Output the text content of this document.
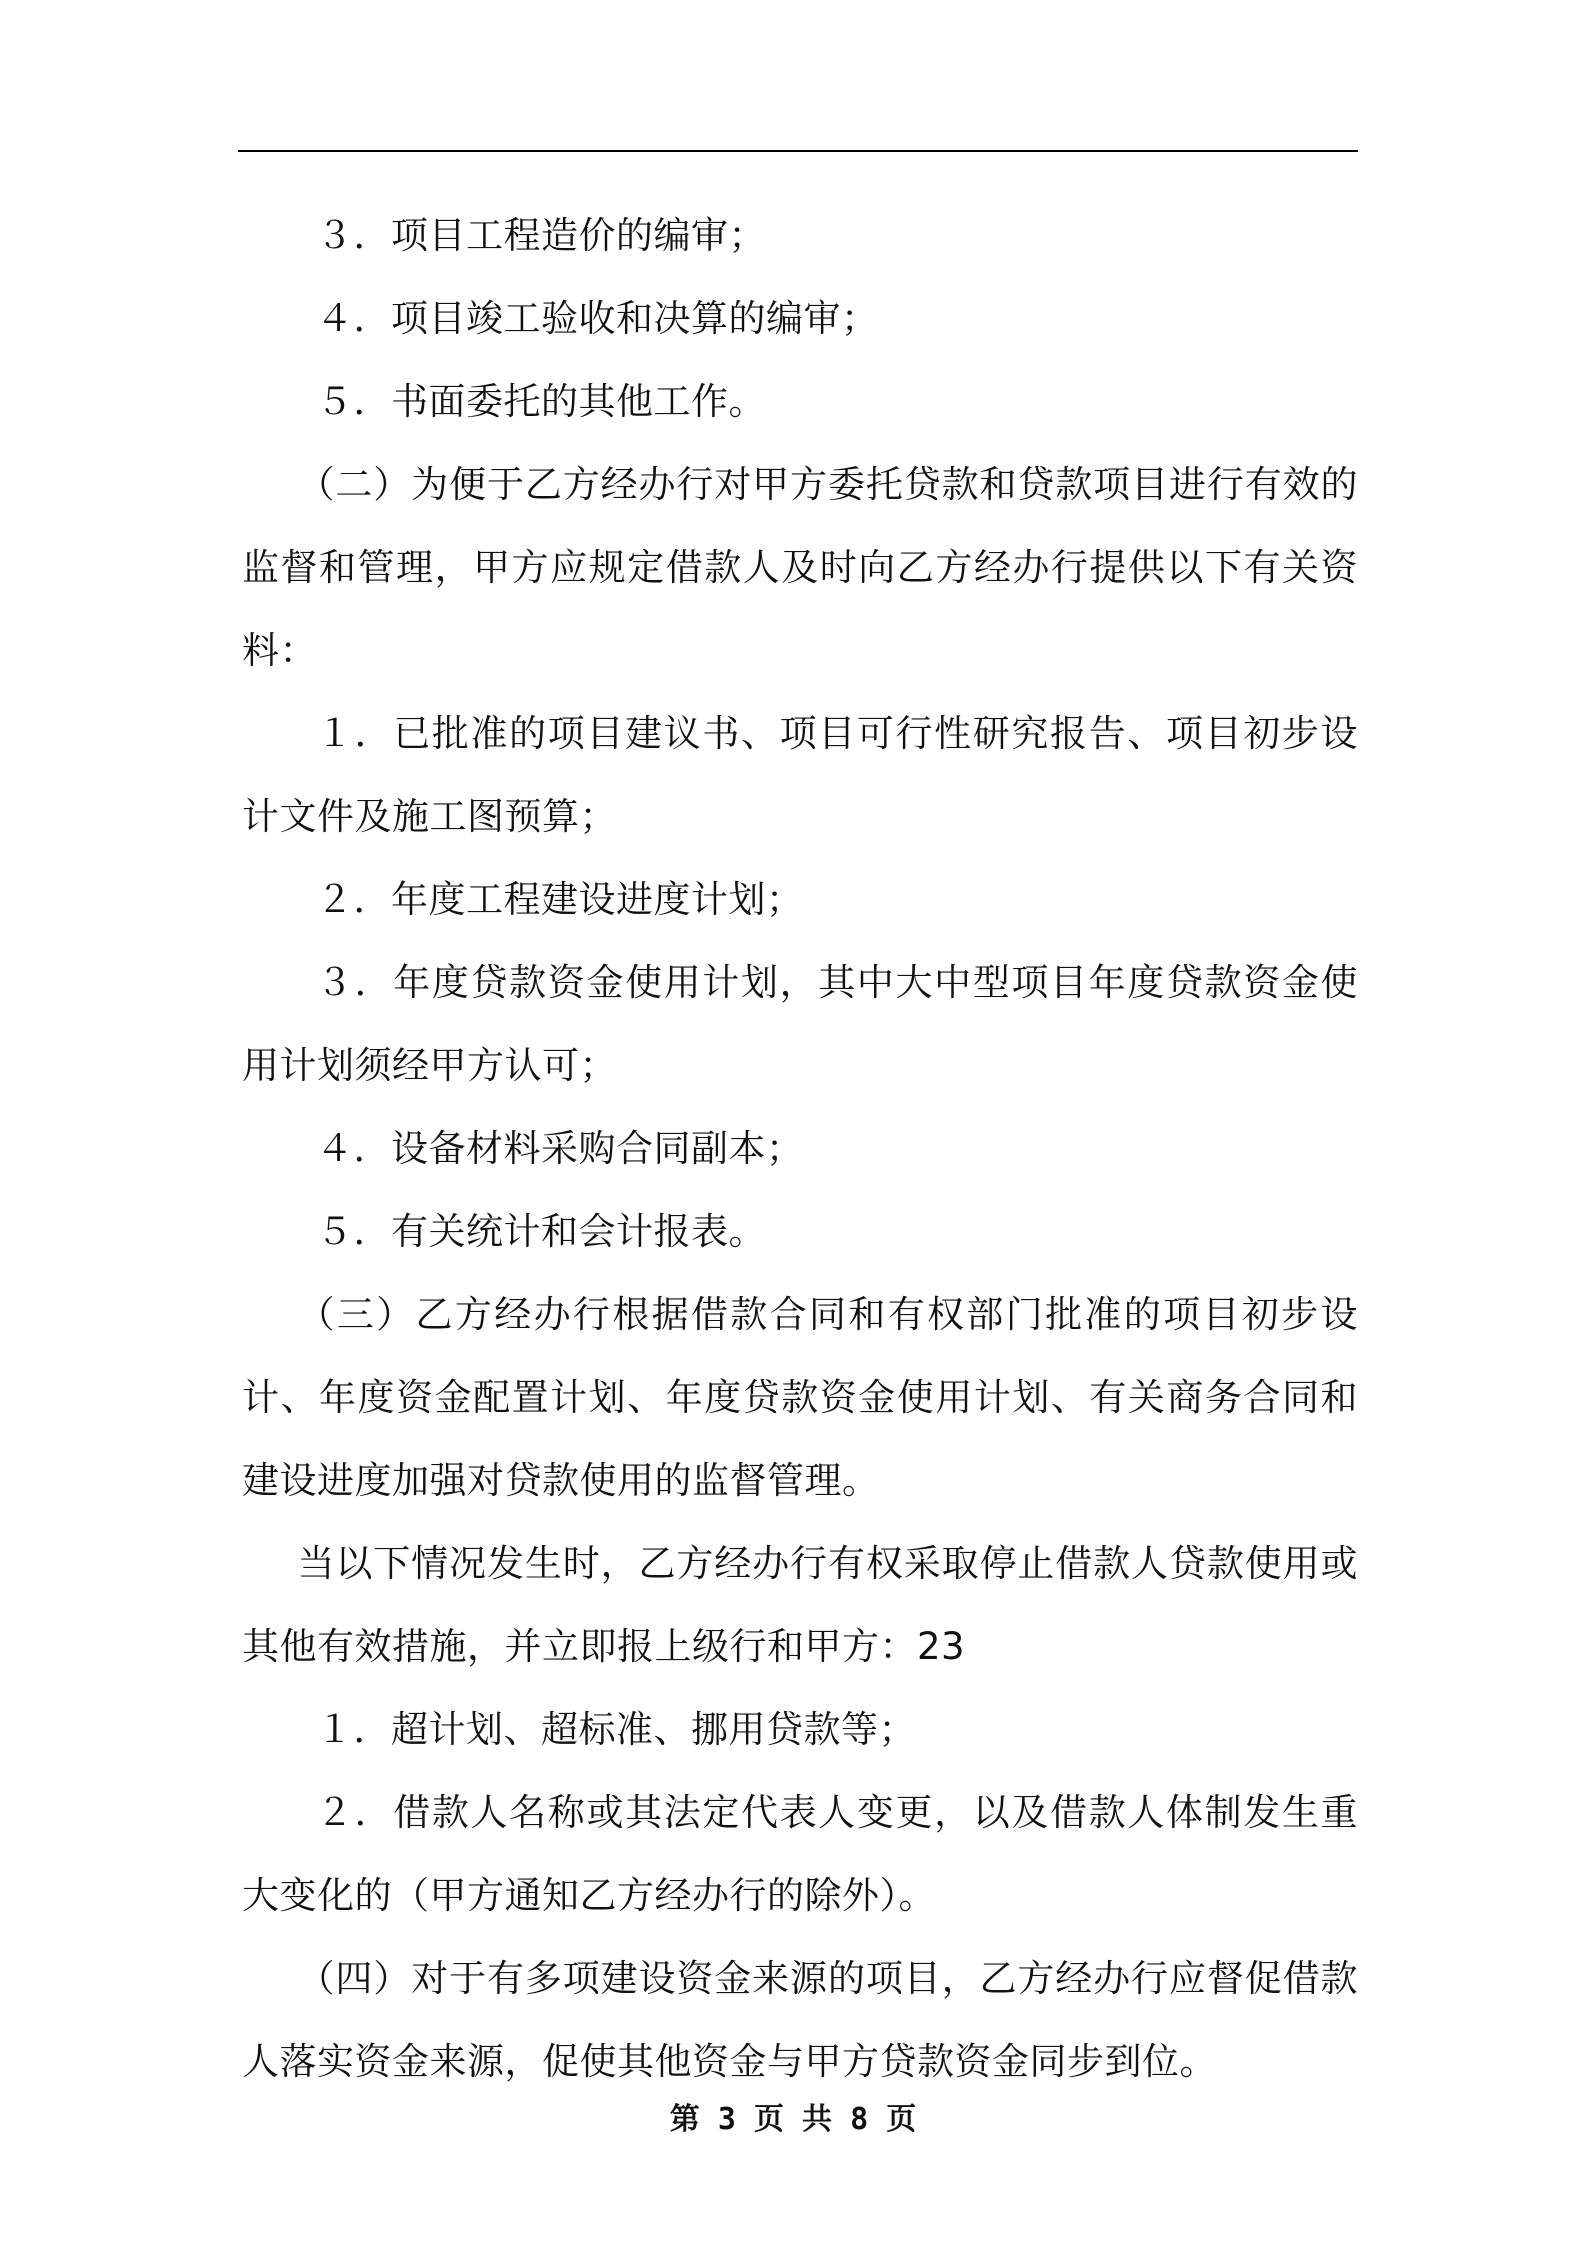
３．项目工程造价的编审；

４．项目竣工验收和决算的编审；

５．书面委托的其他工作。

（二）为便于乙方经办行对甲方委托贷款和贷款项目进行有效的监督和管理，甲方应规定借款人及时向乙方经办行提供以下有关资料：

１．已批准的项目建议书、项目可行性研究报告、项目初步设计文件及施工图预算；

２．年度工程建设进度计划；

３．年度贷款资金使用计划，其中大中型项目年度贷款资金使用计划须经甲方认可；

４．设备材料采购合同副本；

５．有关统计和会计报表。

（三）乙方经办行根据借款合同和有权部门批准的项目初步设计、年度资金配置计划、年度贷款资金使用计划、有关商务合同和建设进度加强对贷款使用的监督管理。

当以下情况发生时，乙方经办行有权采取停止借款人贷款使用或其他有效措施，并立即报上级行和甲方：23

１．超计划、超标准、挪用贷款等；

２．借款人名称或其法定代表人变更，以及借款人体制发生重大变化的（甲方通知乙方经办行的除外）。

（四）对于有多项建设资金来源的项目，乙方经办行应督促借款人落实资金来源，促使其他资金与甲方贷款资金同步到位。

第 3 页 共 8 页
